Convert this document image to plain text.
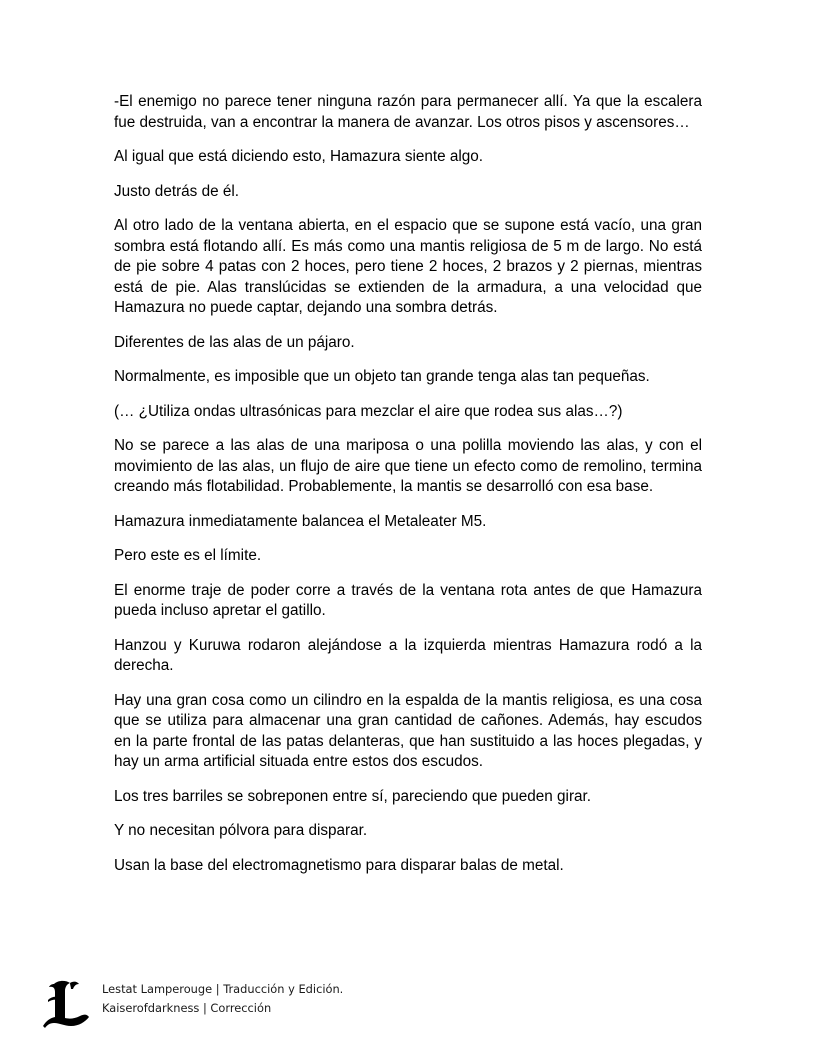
-El enemigo no parece tener ninguna razón para permanecer allí. Ya que la escalera fue destruida, van a encontrar la manera de avanzar. Los otros pisos y ascensores…

Al igual que está diciendo esto, Hamazura siente algo.

Justo detrás de él.

Al otro lado de la ventana abierta, en el espacio que se supone está vacío, una gran sombra está flotando allí. Es más como una mantis religiosa de 5 m de largo. No está de pie sobre 4 patas con 2 hoces, pero tiene 2 hoces, 2 brazos y 2 piernas, mientras está de pie. Alas translúcidas se extienden de la armadura, a una velocidad que Hamazura no puede captar, dejando una sombra detrás.

Diferentes de las alas de un pájaro.

Normalmente, es imposible que un objeto tan grande tenga alas tan pequeñas.

(… ¿Utiliza ondas ultrasónicas para mezclar el aire que rodea sus alas…?)

No se parece a las alas de una mariposa o una polilla moviendo las alas, y con el movimiento de las alas, un flujo de aire que tiene un efecto como de remolino, termina creando más flotabilidad. Probablemente, la mantis se desarrolló con esa base.

Hamazura inmediatamente balancea el Metaleater M5.

Pero este es el límite.

El enorme traje de poder corre a través de la ventana rota antes de que Hamazura pueda incluso apretar el gatillo.

Hanzou y Kuruwa rodaron alejándose a la izquierda mientras Hamazura rodó a la derecha.

Hay una gran cosa como un cilindro en la espalda de la mantis religiosa, es una cosa que se utiliza para almacenar una gran cantidad de cañones. Además, hay escudos en la parte frontal de las patas delanteras, que han sustituido a las hoces plegadas, y hay un arma artificial situada entre estos dos escudos.

Los tres barriles se sobreponen entre sí, pareciendo que pueden girar.

Y no necesitan pólvora para disparar.

Usan la base del electromagnetismo para disparar balas de metal.

Lestat Lamperouge | Traducción y Edición.
Kaiserofdarkness | Corrección
